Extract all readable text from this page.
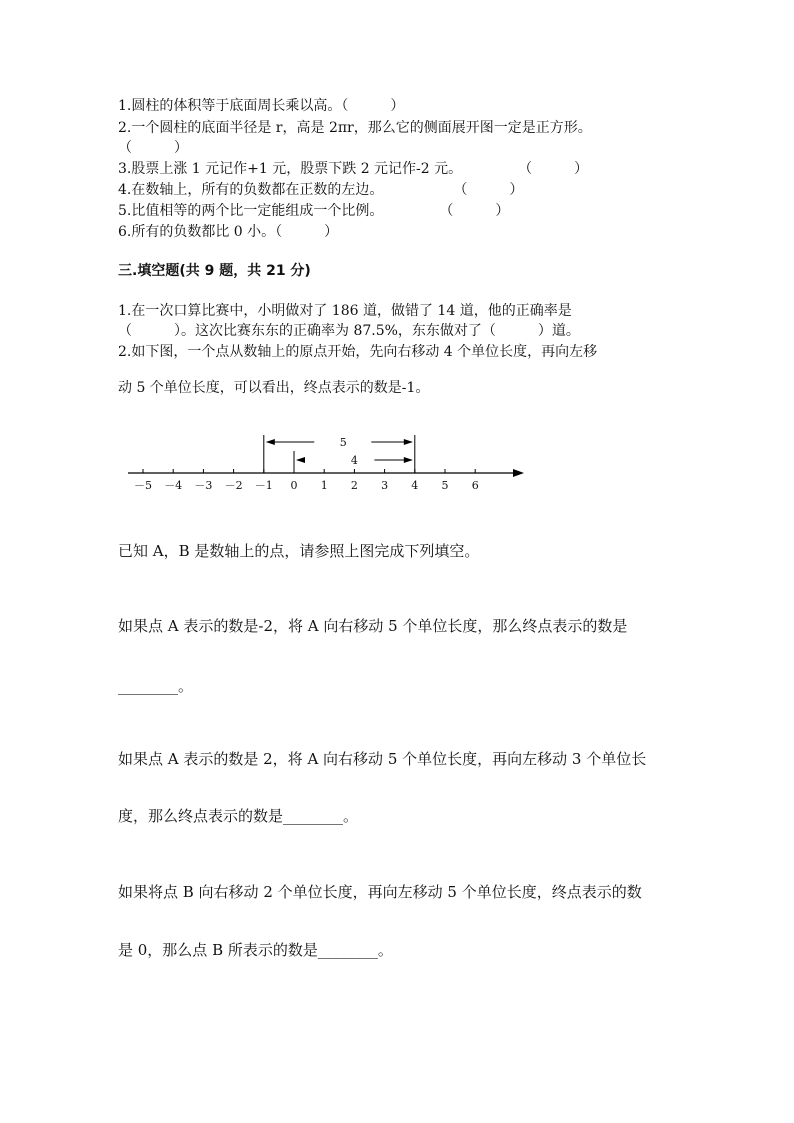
1.圆柱的体积等于底面周长乘以高。（　　　）
2.一个圆柱的底面半径是 r，高是 2πr，那么它的侧面展开图一定是正方形。
（　　　）
3.股票上涨 1 元记作+1 元，股票下跌 2 元记作-2 元。　　　　　（　　　）
4.在数轴上，所有的负数都在正数的左边。　　　　　　（　　　）
5.比值相等的两个比一定能组成一个比例。　　　　　（　　　）
6.所有的负数都比 0 小。（　　　）
三.填空题(共 9 题，共 21 分)
1.在一次口算比赛中，小明做对了 186 道，做错了 14 道，他的正确率是
（　　　）。这次比赛东东的正确率为 87.5%，东东做对了（　　　）道。
2.如下图，一个点从数轴上的原点开始，先向右移动 4 个单位长度，再向左移
动 5 个单位长度，可以看出，终点表示的数是-1。
－5 －4 －3 －2 －1 0 1 2 3 4 5 6
4
5
已知 A，B 是数轴上的点，请参照上图完成下列填空。
如果点 A 表示的数是-2，将 A 向右移动 5 个单位长度，那么终点表示的数是
________。
如果点 A 表示的数是 2，将 A 向右移动 5 个单位长度，再向左移动 3 个单位长
度，那么终点表示的数是________。
如果将点 B 向右移动 2 个单位长度，再向左移动 5 个单位长度，终点表示的数
是 0，那么点 B 所表示的数是________。
